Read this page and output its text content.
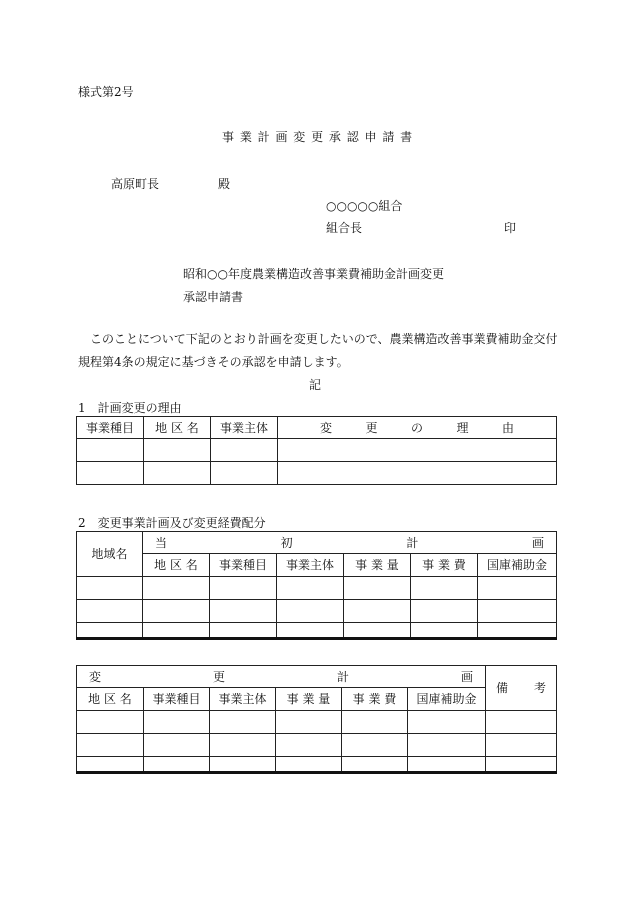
様式第2号
事 業 計 画 変 更 承 認 申 請 書
高原町長	殿
○○○○○組合
組合長	印
昭和○○年度農業構造改善事業費補助金計画変更
承認申請書
このことについて下記のとおり計画を変更したいので、農業構造改善事業費補助金交付
規程第4条の規定に基づきその承認を申請します。
記
1　計画変更の理由
事業種目	地 区 名	事業主体	変 更 の 理 由

2　変更事業計画及び変更経費配分
地域名	当 初 計 画					

	地 区 名	事業種目	事業主体	事 業 量	事 業 費	国庫補助金

変 更 計 画						備 考

地 区 名	事業種目	事業主体	事 業 量	事 業 費	国庫補助金	
